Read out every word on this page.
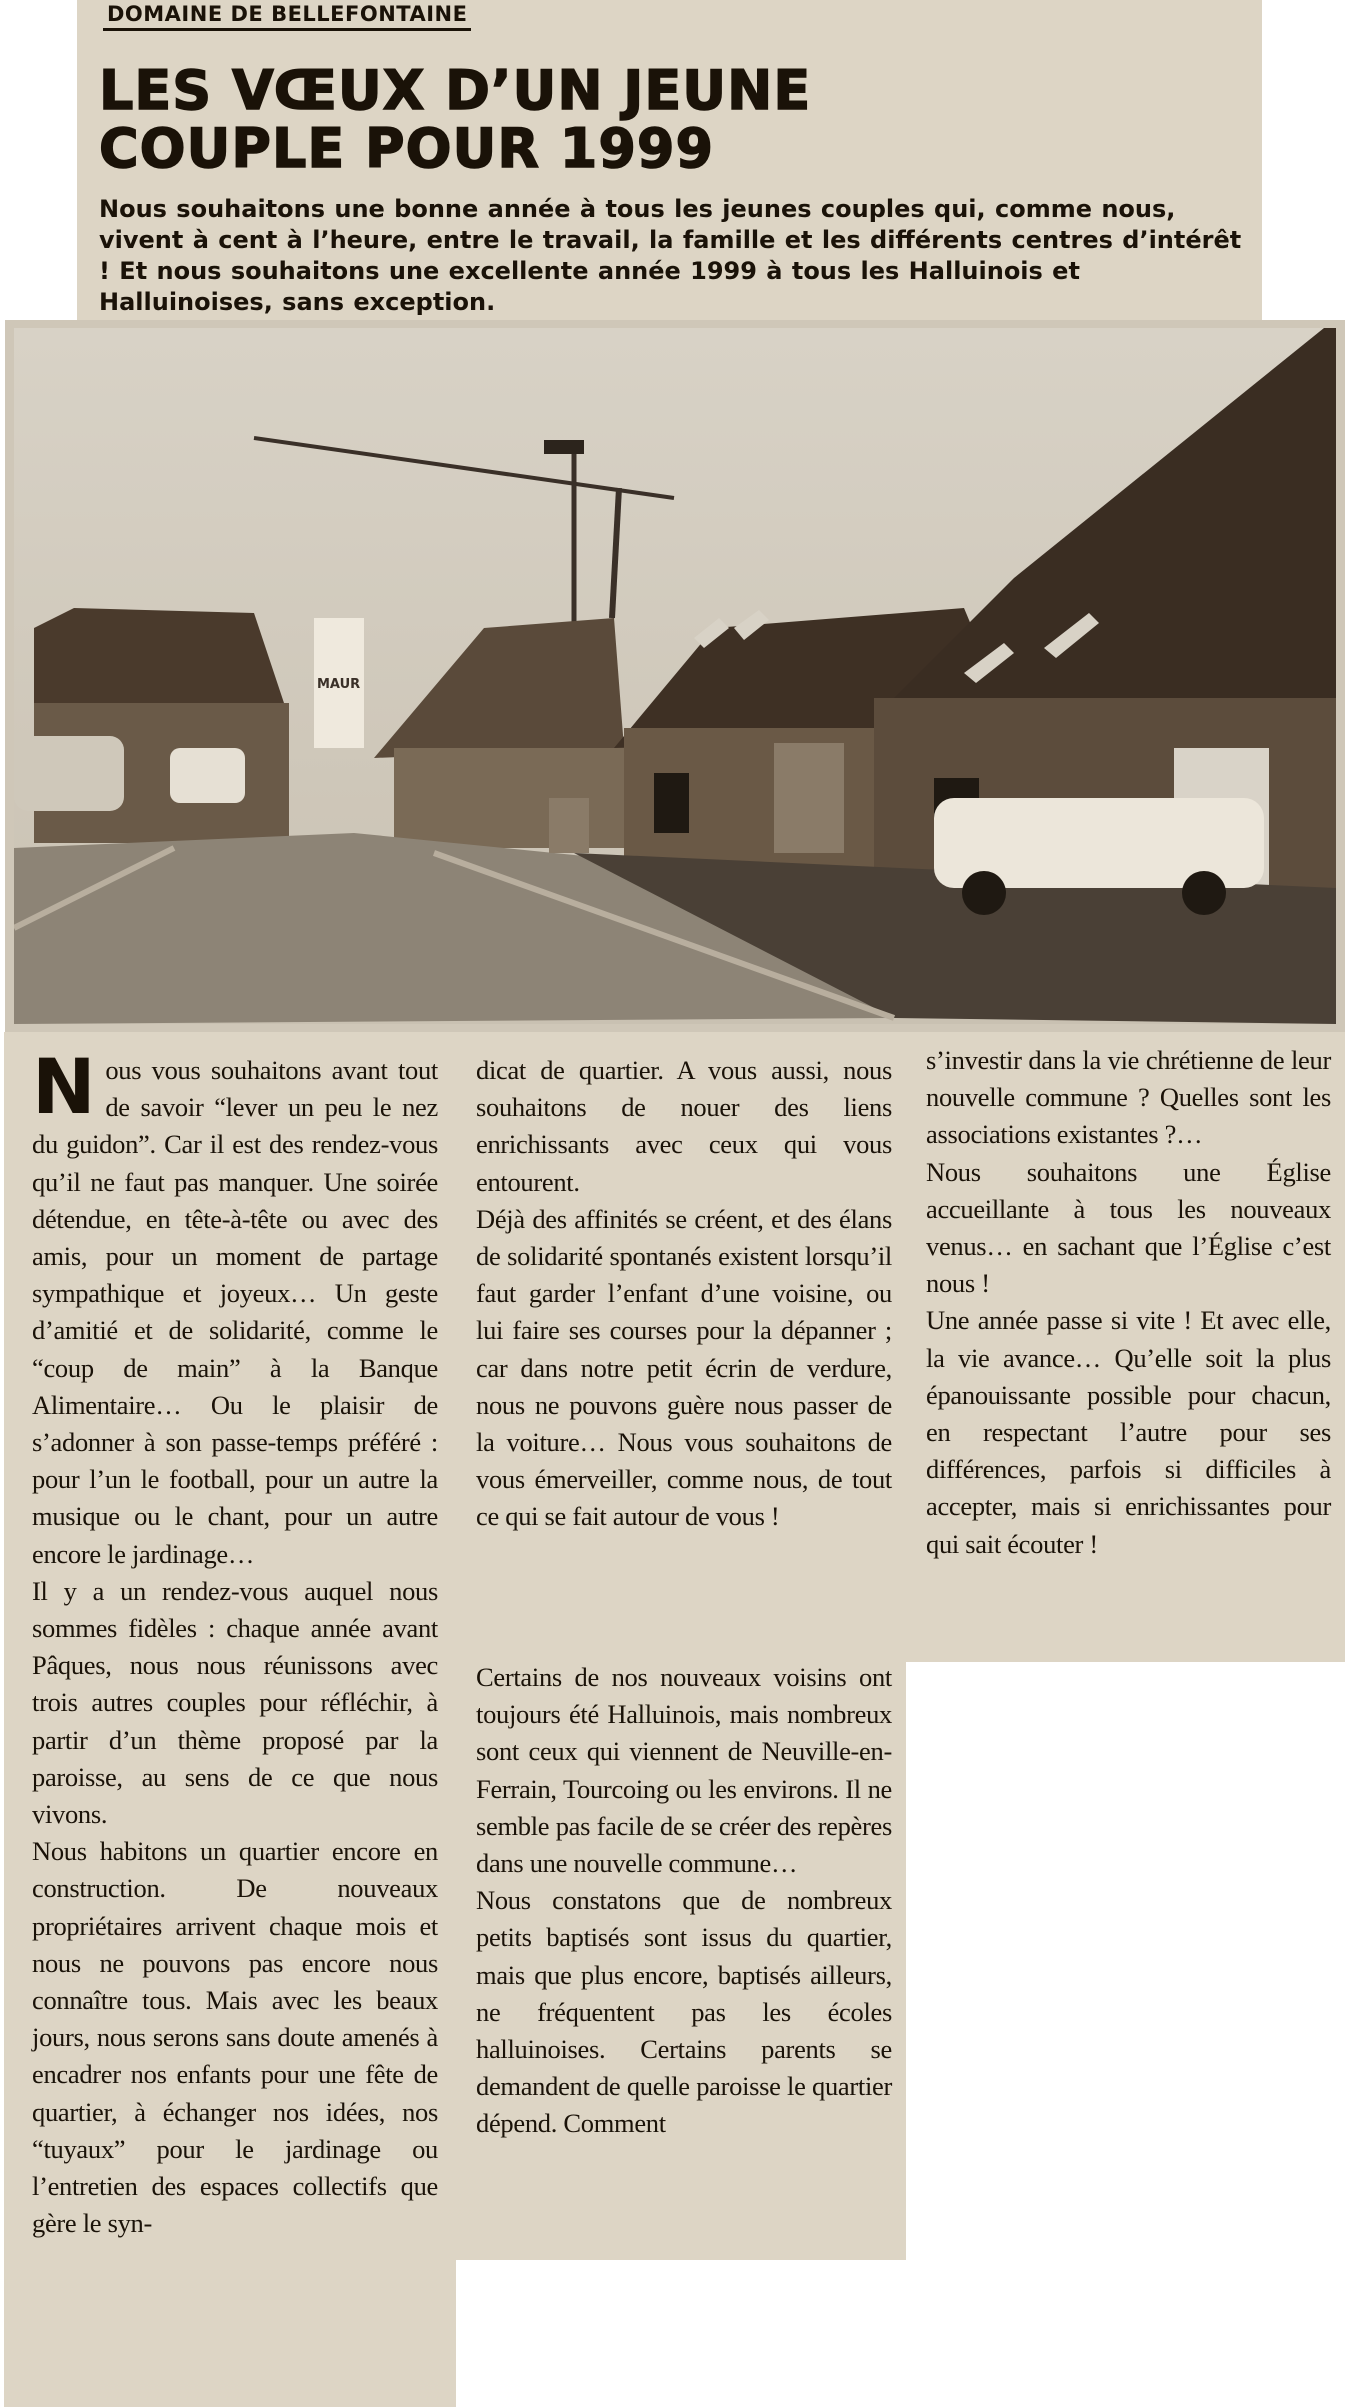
DOMAINE DE BELLEFONTAINE
LES VŒUX D’UN JEUNE
COUPLE POUR 1999
Nous souhaitons une bonne année à tous les jeunes couples qui, comme nous, vivent à cent à l’heure, entre le travail, la famille et les différents centres d’intérêt ! Et nous souhaitons une excellente année 1999 à tous les Halluinois et Halluinoises, sans exception.
MAUR

Nous vous souhaitons avant tout de savoir “lever un peu le nez du guidon”. Car il est des rendez-vous qu’il ne faut pas manquer. Une soirée détendue, en tête-à-tête ou avec des amis, pour un moment de partage sympathique et joyeux… Un geste d’amitié et de solidarité, comme le “coup de main” à la Banque Alimentaire… Ou le plaisir de s’adonner à son passe-temps préféré : pour l’un le football, pour un autre la musique ou le chant, pour un autre encore le jardinage…

Il y a un rendez-vous auquel nous sommes fidèles : chaque année avant Pâques, nous nous réunissons avec trois autres couples pour réfléchir, à partir d’un thème proposé par la paroisse, au sens de ce que nous vivons.

Nous habitons un quartier encore en construction. De nouveaux propriétaires arrivent chaque mois et nous ne pouvons pas encore nous connaître tous. Mais avec les beaux jours, nous serons sans doute amenés à encadrer nos enfants pour une fête de quartier, à échanger nos idées, nos “tuyaux” pour le jardinage ou l’entretien des espaces collectifs que gère le syn-

dicat de quartier. A vous aussi, nous souhaitons de nouer des liens enrichissants avec ceux qui vous entourent.

Déjà des affinités se créent, et des élans de solidarité spontanés existent lorsqu’il faut garder l’enfant d’une voisine, ou lui faire ses courses pour la dépanner ; car dans notre petit écrin de verdure, nous ne pouvons guère nous passer de la voiture… Nous vous souhaitons de vous émerveiller, comme nous, de tout ce qui se fait autour de vous !

Certains de nos nouveaux voisins ont toujours été Halluinois, mais nombreux sont ceux qui viennent de Neuville-en-Ferrain, Tourcoing ou les environs. Il ne semble pas facile de se créer des repères dans une nouvelle commune…

Nous constatons que de nombreux petits baptisés sont issus du quartier, mais que plus encore, baptisés ailleurs, ne fréquentent pas les écoles halluinoises. Certains parents se demandent de quelle paroisse le quartier dépend. Comment

s’investir dans la vie chrétienne de leur nouvelle commune ? Quelles sont les associations existantes ?…

Nous souhaitons une Église accueillante à tous les nouveaux venus… en sachant que l’Église c’est nous !

Une année passe si vite ! Et avec elle, la vie avance… Qu’elle soit la plus épanouissante possible pour chacun, en respectant l’autre pour ses différences, parfois si difficiles à accepter, mais si enrichissantes pour qui sait écouter !
